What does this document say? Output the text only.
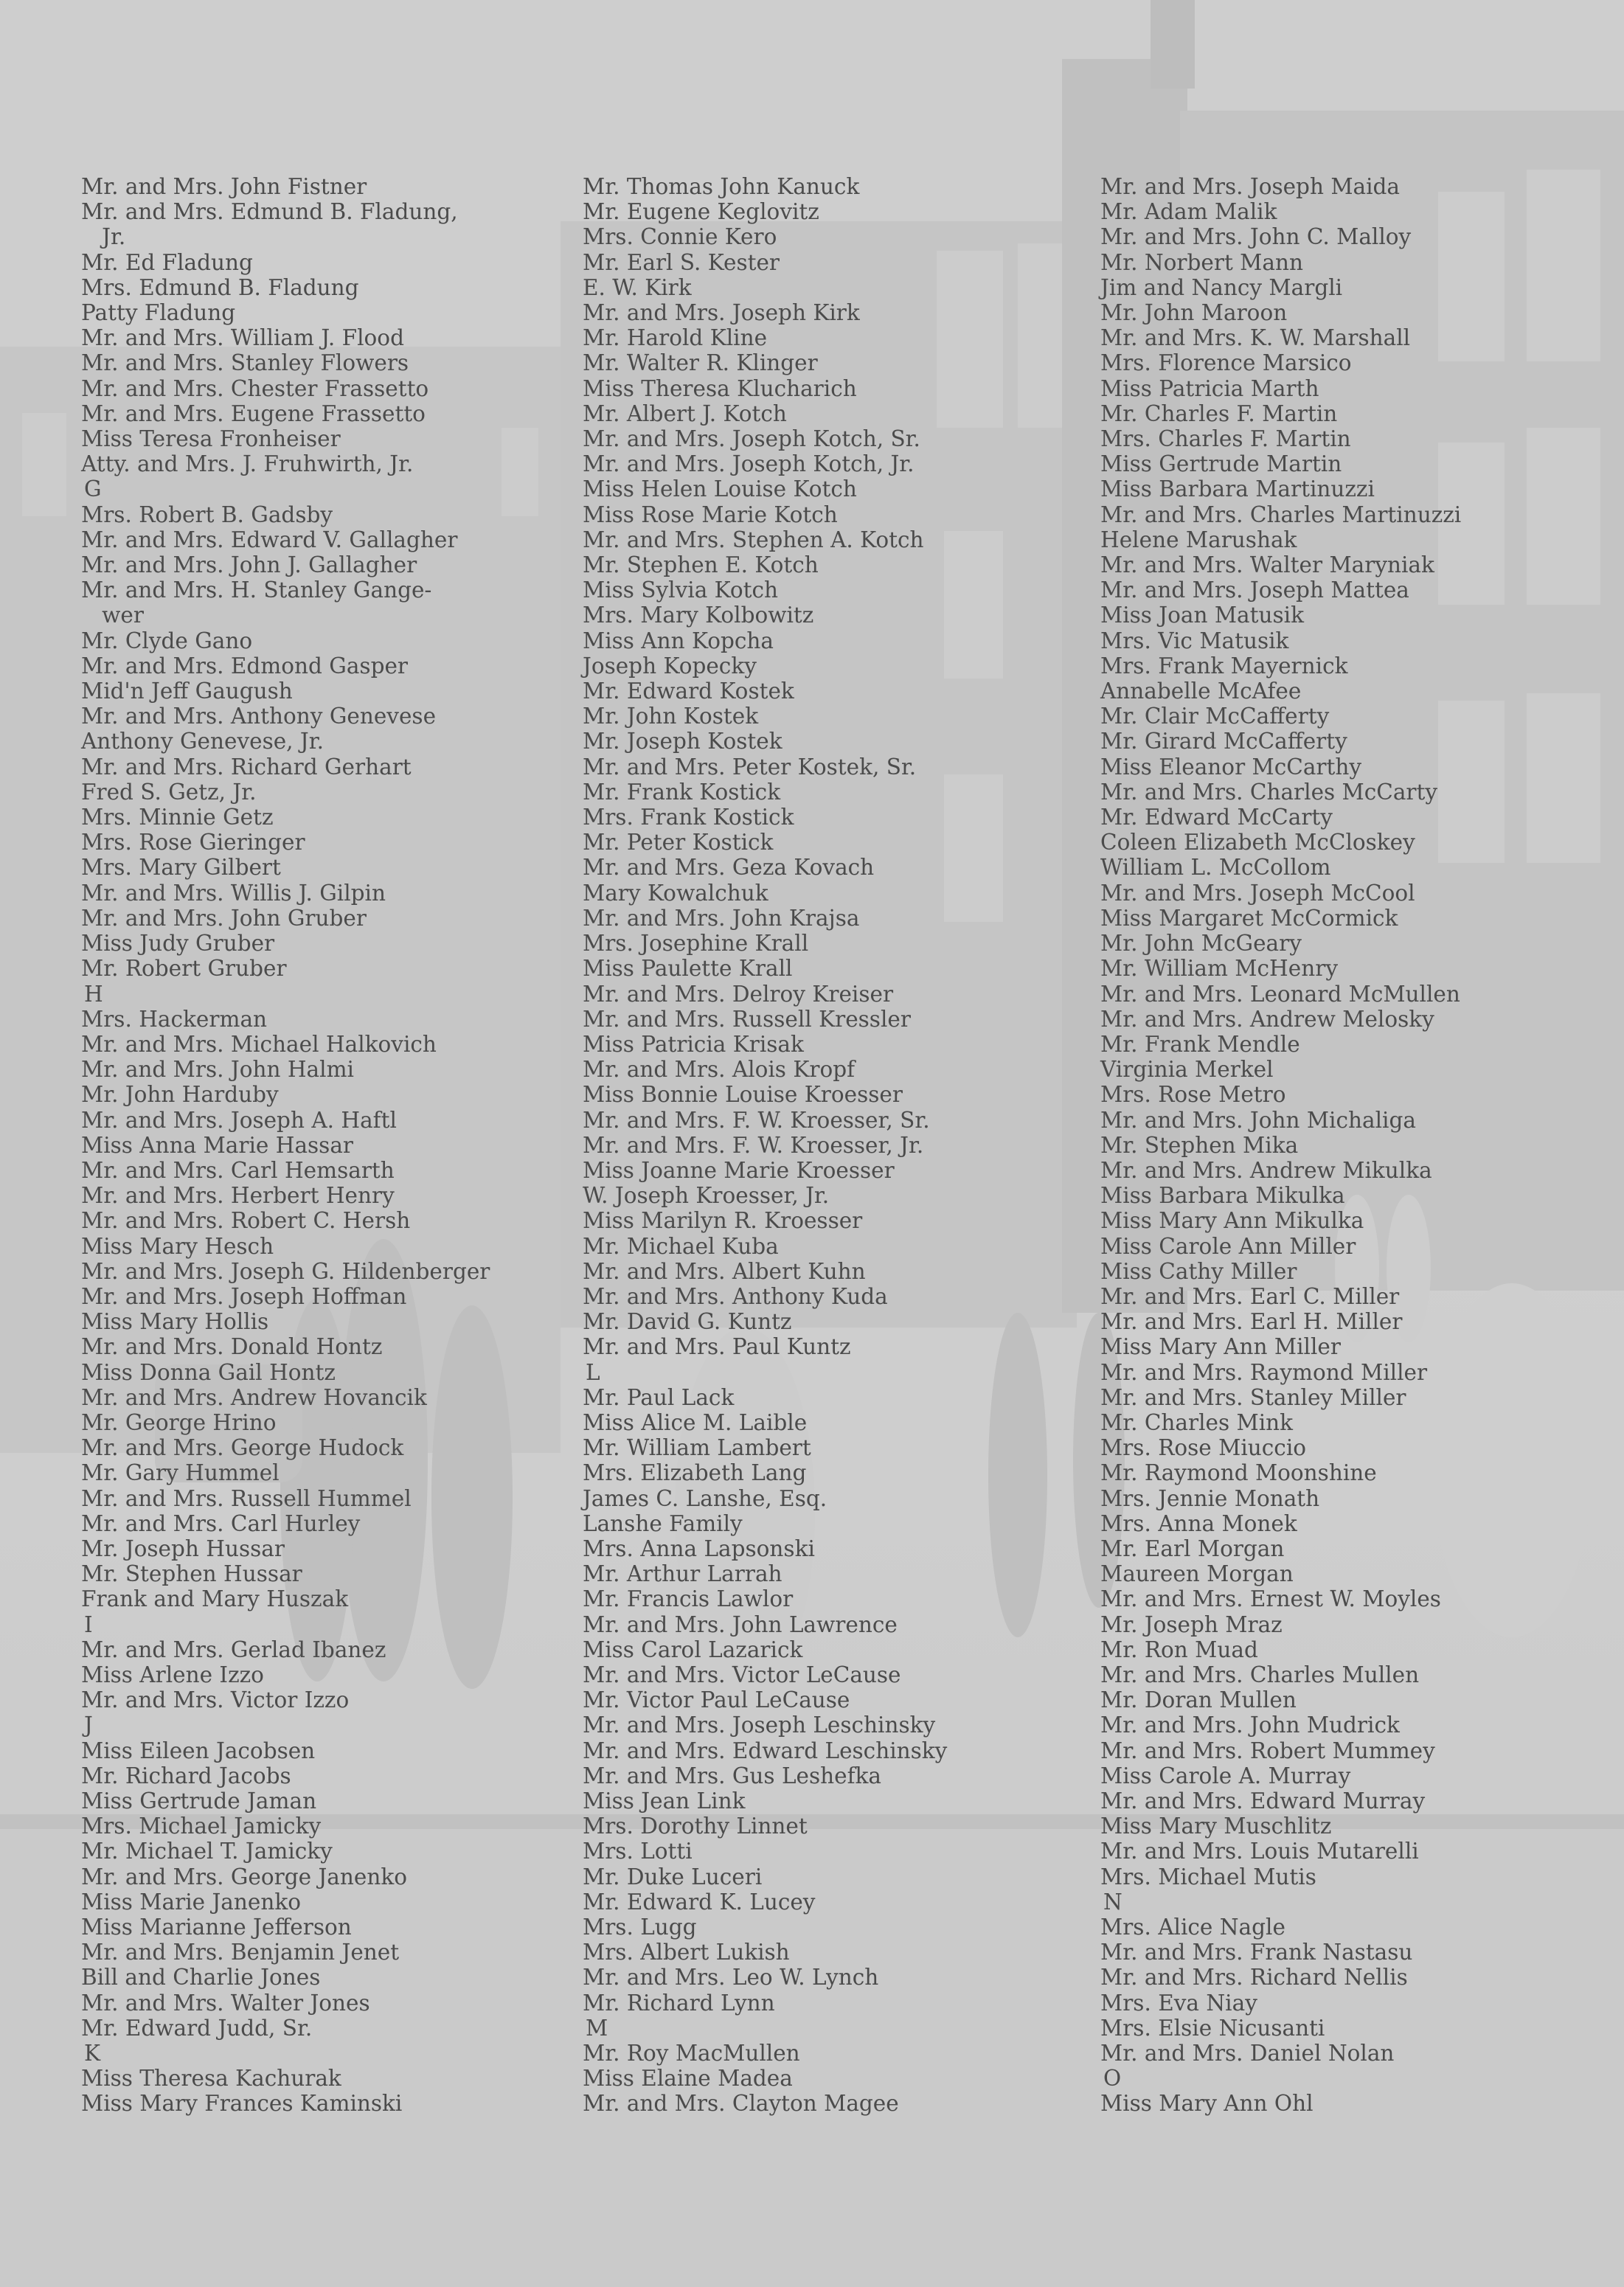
Mr. and Mrs. John Fistner
Mr. and Mrs. Edmund B. Fladung,
Jr.
Mr. Ed Fladung
Mrs. Edmund B. Fladung
Patty Fladung
Mr. and Mrs. William J. Flood
Mr. and Mrs. Stanley Flowers
Mr. and Mrs. Chester Frassetto
Mr. and Mrs. Eugene Frassetto
Miss Teresa Fronheiser
Atty. and Mrs. J. Fruhwirth, Jr.
G
Mrs. Robert B. Gadsby
Mr. and Mrs. Edward V. Gallagher
Mr. and Mrs. John J. Gallagher
Mr. and Mrs. H. Stanley Gange-
wer
Mr. Clyde Gano
Mr. and Mrs. Edmond Gasper
Mid'n Jeff Gaugush
Mr. and Mrs. Anthony Genevese
Anthony Genevese, Jr.
Mr. and Mrs. Richard Gerhart
Fred S. Getz, Jr.
Mrs. Minnie Getz
Mrs. Rose Gieringer
Mrs. Mary Gilbert
Mr. and Mrs. Willis J. Gilpin
Mr. and Mrs. John Gruber
Miss Judy Gruber
Mr. Robert Gruber
H
Mrs. Hackerman
Mr. and Mrs. Michael Halkovich
Mr. and Mrs. John Halmi
Mr. John Harduby
Mr. and Mrs. Joseph A. Haftl
Miss Anna Marie Hassar
Mr. and Mrs. Carl Hemsarth
Mr. and Mrs. Herbert Henry
Mr. and Mrs. Robert C. Hersh
Miss Mary Hesch
Mr. and Mrs. Joseph G. Hildenberger
Mr. and Mrs. Joseph Hoffman
Miss Mary Hollis
Mr. and Mrs. Donald Hontz
Miss Donna Gail Hontz
Mr. and Mrs. Andrew Hovancik
Mr. George Hrino
Mr. and Mrs. George Hudock
Mr. Gary Hummel
Mr. and Mrs. Russell Hummel
Mr. and Mrs. Carl Hurley
Mr. Joseph Hussar
Mr. Stephen Hussar
Frank and Mary Huszak
I
Mr. and Mrs. Gerlad Ibanez
Miss Arlene Izzo
Mr. and Mrs. Victor Izzo
J
Miss Eileen Jacobsen
Mr. Richard Jacobs
Miss Gertrude Jaman
Mrs. Michael Jamicky
Mr. Michael T. Jamicky
Mr. and Mrs. George Janenko
Miss Marie Janenko
Miss Marianne Jefferson
Mr. and Mrs. Benjamin Jenet
Bill and Charlie Jones
Mr. and Mrs. Walter Jones
Mr. Edward Judd, Sr.
K
Miss Theresa Kachurak
Miss Mary Frances Kaminski
Mr. Thomas John Kanuck
Mr. Eugene Keglovitz
Mrs. Connie Kero
Mr. Earl S. Kester
E. W. Kirk
Mr. and Mrs. Joseph Kirk
Mr. Harold Kline
Mr. Walter R. Klinger
Miss Theresa Klucharich
Mr. Albert J. Kotch
Mr. and Mrs. Joseph Kotch, Sr.
Mr. and Mrs. Joseph Kotch, Jr.
Miss Helen Louise Kotch
Miss Rose Marie Kotch
Mr. and Mrs. Stephen A. Kotch
Mr. Stephen E. Kotch
Miss Sylvia Kotch
Mrs. Mary Kolbowitz
Miss Ann Kopcha
Joseph Kopecky
Mr. Edward Kostek
Mr. John Kostek
Mr. Joseph Kostek
Mr. and Mrs. Peter Kostek, Sr.
Mr. Frank Kostick
Mrs. Frank Kostick
Mr. Peter Kostick
Mr. and Mrs. Geza Kovach
Mary Kowalchuk
Mr. and Mrs. John Krajsa
Mrs. Josephine Krall
Miss Paulette Krall
Mr. and Mrs. Delroy Kreiser
Mr. and Mrs. Russell Kressler
Miss Patricia Krisak
Mr. and Mrs. Alois Kropf
Miss Bonnie Louise Kroesser
Mr. and Mrs. F. W. Kroesser, Sr.
Mr. and Mrs. F. W. Kroesser, Jr.
Miss Joanne Marie Kroesser
W. Joseph Kroesser, Jr.
Miss Marilyn R. Kroesser
Mr. Michael Kuba
Mr. and Mrs. Albert Kuhn
Mr. and Mrs. Anthony Kuda
Mr. David G. Kuntz
Mr. and Mrs. Paul Kuntz
L
Mr. Paul Lack
Miss Alice M. Laible
Mr. William Lambert
Mrs. Elizabeth Lang
James C. Lanshe, Esq.
Lanshe Family
Mrs. Anna Lapsonski
Mr. Arthur Larrah
Mr. Francis Lawlor
Mr. and Mrs. John Lawrence
Miss Carol Lazarick
Mr. and Mrs. Victor LeCause
Mr. Victor Paul LeCause
Mr. and Mrs. Joseph Leschinsky
Mr. and Mrs. Edward Leschinsky
Mr. and Mrs. Gus Leshefka
Miss Jean Link
Mrs. Dorothy Linnet
Mrs. Lotti
Mr. Duke Luceri
Mr. Edward K. Lucey
Mrs. Lugg
Mrs. Albert Lukish
Mr. and Mrs. Leo W. Lynch
Mr. Richard Lynn
M
Mr. Roy MacMullen
Miss Elaine Madea
Mr. and Mrs. Clayton Magee
Mr. and Mrs. Joseph Maida
Mr. Adam Malik
Mr. and Mrs. John C. Malloy
Mr. Norbert Mann
Jim and Nancy Margli
Mr. John Maroon
Mr. and Mrs. K. W. Marshall
Mrs. Florence Marsico
Miss Patricia Marth
Mr. Charles F. Martin
Mrs. Charles F. Martin
Miss Gertrude Martin
Miss Barbara Martinuzzi
Mr. and Mrs. Charles Martinuzzi
Helene Marushak
Mr. and Mrs. Walter Maryniak
Mr. and Mrs. Joseph Mattea
Miss Joan Matusik
Mrs. Vic Matusik
Mrs. Frank Mayernick
Annabelle McAfee
Mr. Clair McCafferty
Mr. Girard McCafferty
Miss Eleanor McCarthy
Mr. and Mrs. Charles McCarty
Mr. Edward McCarty
Coleen Elizabeth McCloskey
William L. McCollom
Mr. and Mrs. Joseph McCool
Miss Margaret McCormick
Mr. John McGeary
Mr. William McHenry
Mr. and Mrs. Leonard McMullen
Mr. and Mrs. Andrew Melosky
Mr. Frank Mendle
Virginia Merkel
Mrs. Rose Metro
Mr. and Mrs. John Michaliga
Mr. Stephen Mika
Mr. and Mrs. Andrew Mikulka
Miss Barbara Mikulka
Miss Mary Ann Mikulka
Miss Carole Ann Miller
Miss Cathy Miller
Mr. and Mrs. Earl C. Miller
Mr. and Mrs. Earl H. Miller
Miss Mary Ann Miller
Mr. and Mrs. Raymond Miller
Mr. and Mrs. Stanley Miller
Mr. Charles Mink
Mrs. Rose Miuccio
Mr. Raymond Moonshine
Mrs. Jennie Monath
Mrs. Anna Monek
Mr. Earl Morgan
Maureen Morgan
Mr. and Mrs. Ernest W. Moyles
Mr. Joseph Mraz
Mr. Ron Muad
Mr. and Mrs. Charles Mullen
Mr. Doran Mullen
Mr. and Mrs. John Mudrick
Mr. and Mrs. Robert Mummey
Miss Carole A. Murray
Mr. and Mrs. Edward Murray
Miss Mary Muschlitz
Mr. and Mrs. Louis Mutarelli
Mrs. Michael Mutis
N
Mrs. Alice Nagle
Mr. and Mrs. Frank Nastasu
Mr. and Mrs. Richard Nellis
Mrs. Eva Niay
Mrs. Elsie Nicusanti
Mr. and Mrs. Daniel Nolan
O
Miss Mary Ann Ohl
